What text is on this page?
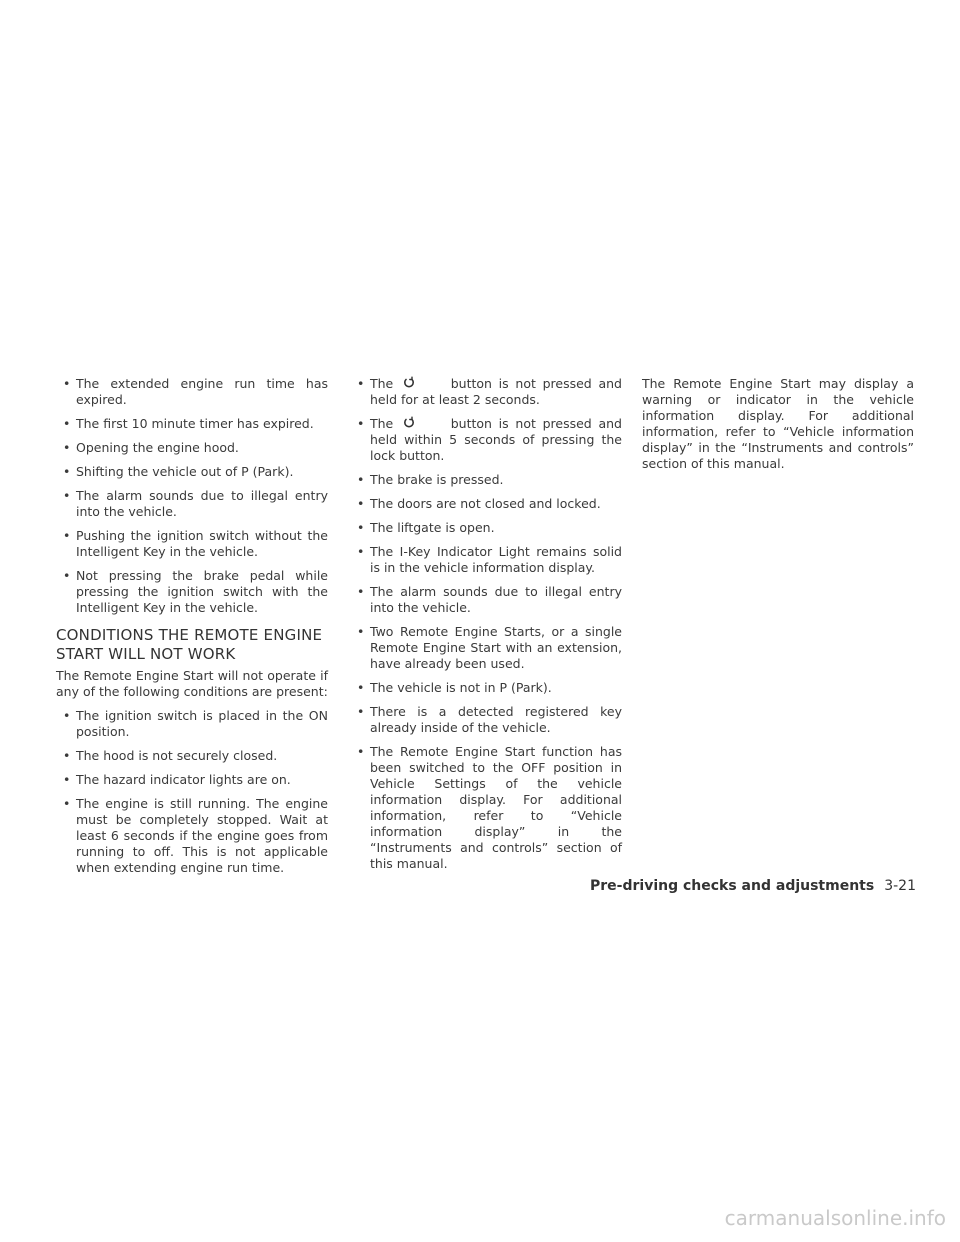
• The extended engine run time has expired.
• The first 10 minute timer has expired.
• Opening the engine hood.
• Shifting the vehicle out of P (Park).
• The alarm sounds due to illegal entry into the vehicle.
• Pushing the ignition switch without the Intelligent Key in the vehicle.
• Not pressing the brake pedal while pressing the ignition switch with the Intelligent Key in the vehicle.
CONDITIONS THE REMOTE ENGINE START WILL NOT WORK

The Remote Engine Start will not operate if any of the following conditions are present:

• The ignition switch is placed in the ON position.
• The hood is not securely closed.
• The hazard indicator lights are on.
• The engine is still running. The engine must be completely stopped. Wait at least 6 seconds if the engine goes from running to off. This is not applicable when extending engine run time.
• The	button is not pressed and held for at least 2 seconds.
• The	button is not pressed and held within 5 seconds of pressing the lock button.
• The brake is pressed.
• The doors are not closed and locked.
• The liftgate is open.
• The I-Key Indicator Light remains solid is in the vehicle information display.
• The alarm sounds due to illegal entry into the vehicle.
• Two Remote Engine Starts, or a single Remote Engine Start with an extension, have already been used.
• The vehicle is not in P (Park).
• There is a detected registered key already inside of the vehicle.
• The Remote Engine Start function has been switched to the OFF position in Vehicle Settings of the vehicle information display. For additional information, refer to “Vehicle information display” in the “Instruments and controls” section of this manual.

The Remote Engine Start may display a warning or indicator in the vehicle information display. For additional information, refer to “Vehicle information display” in the “Instruments and controls” section of this manual.

Pre-driving checks and adjustments 3-21
carmanualsonline.info
